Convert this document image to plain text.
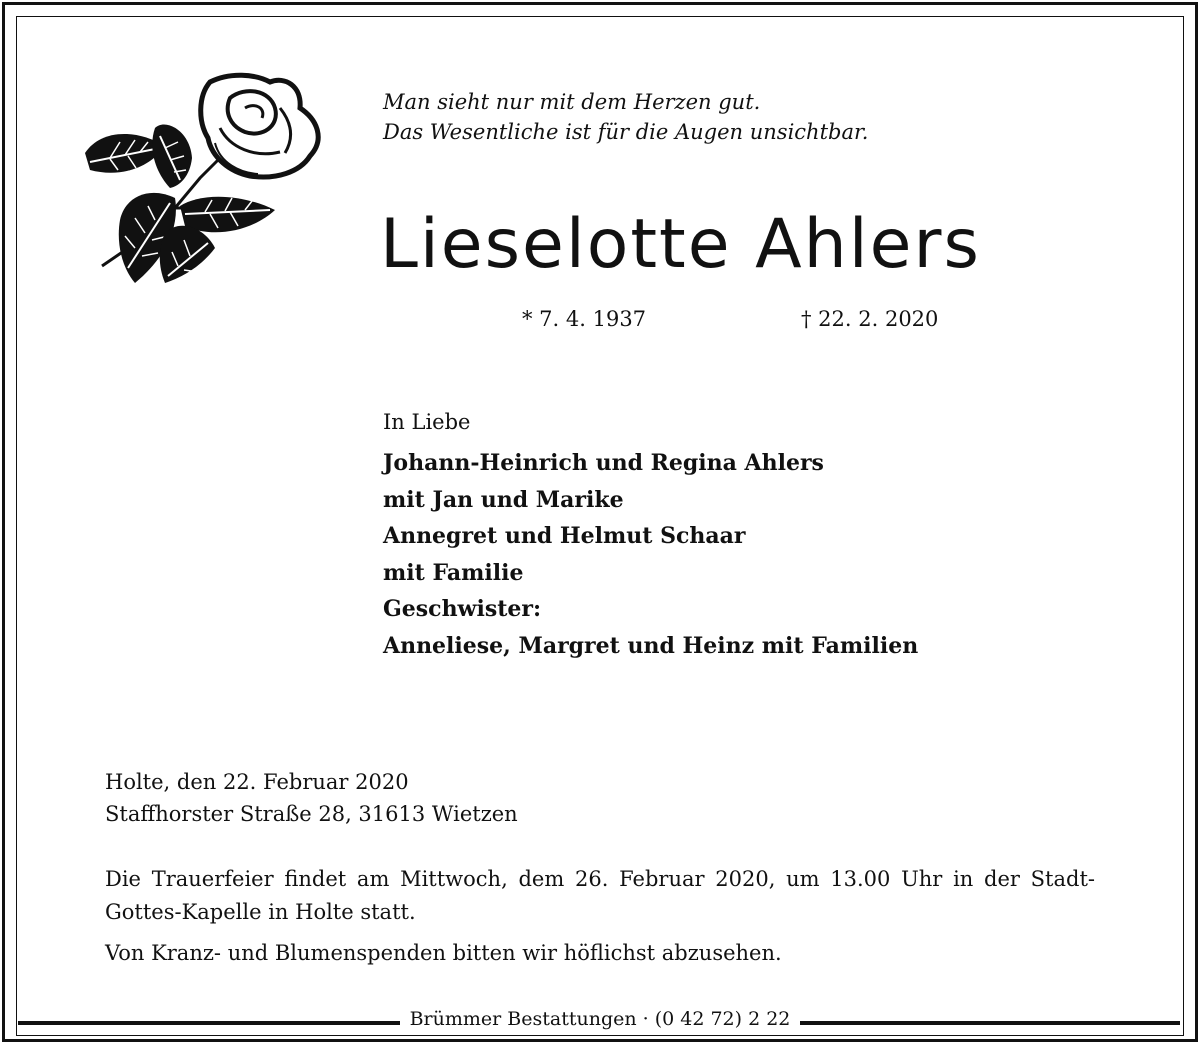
Man sieht nur mit dem Herzen gut.
Das Wesentliche ist für die Augen unsichtbar.
Lieselotte Ahlers
* 7. 4. 1937	† 22. 2. 2020
In Liebe
Johann-Heinrich und Regina Ahlers
mit Jan und Marike
Annegret und Helmut Schaar
mit Familie
Geschwister:
Anneliese, Margret und Heinz mit Familien
Holte, den 22. Februar 2020
Staffhorster Straße 28, 31613 Wietzen
Die Trauerfeier findet am Mittwoch, dem 26. Februar 2020, um 13.00 Uhr in der Stadt-Gottes-Kapelle in Holte statt.
Von Kranz- und Blumenspenden bitten wir höflichst abzusehen.
Brümmer Bestattungen · (0 42 72) 2 22
